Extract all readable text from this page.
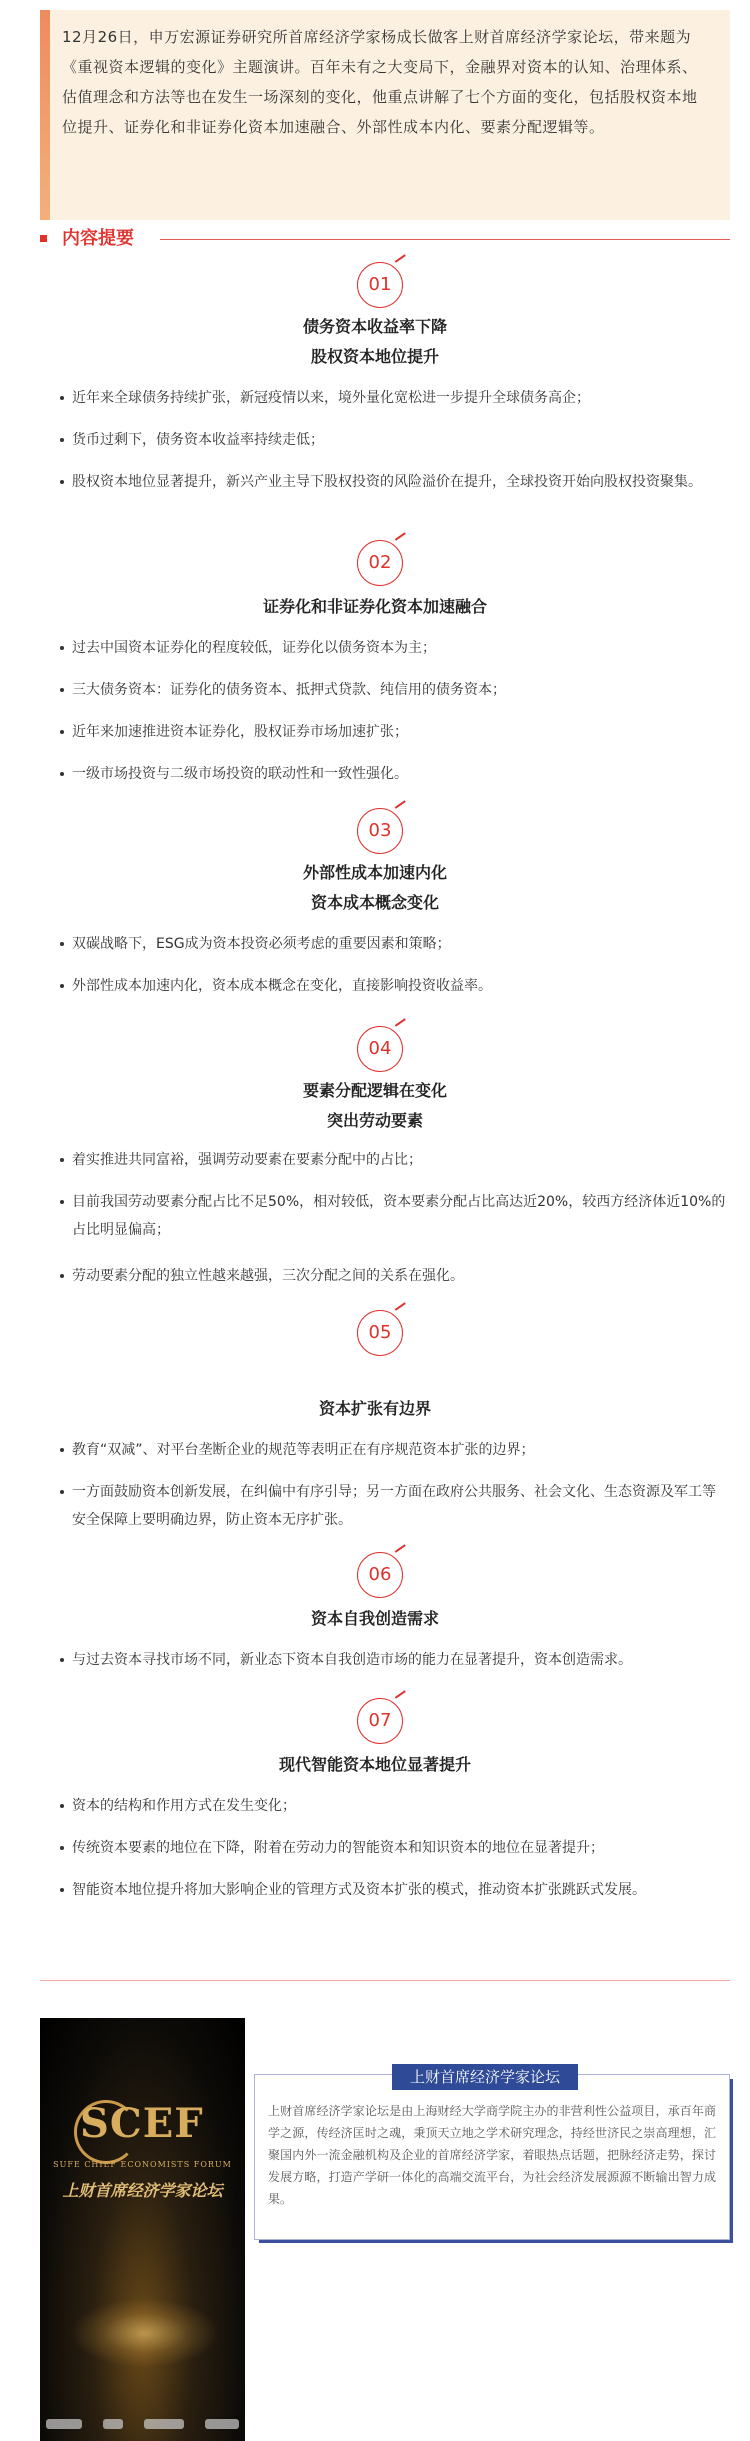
12月26日，申万宏源证券研究所首席经济学家杨成长做客上财首席经济学家论坛，带来题为《重视资本逻辑的变化》主题演讲。百年未有之大变局下，金融界对资本的认知、治理体系、估值理念和方法等也在发生一场深刻的变化，他重点讲解了七个方面的变化，包括股权资本地位提升、证券化和非证券化资本加速融合、外部性成本内化、要素分配逻辑等。
内容提要
01
债务资本收益率下降
股权资本地位提升
近年来全球债务持续扩张，新冠疫情以来，境外量化宽松进一步提升全球债务高企；
货币过剩下，债务资本收益率持续走低；
股权资本地位显著提升，新兴产业主导下股权投资的风险溢价在提升，全球投资开始向股权投资聚集。
02
证券化和非证券化资本加速融合
过去中国资本证券化的程度较低，证券化以债务资本为主；
三大债务资本：证券化的债务资本、抵押式贷款、纯信用的债务资本；
近年来加速推进资本证券化，股权证券市场加速扩张；
一级市场投资与二级市场投资的联动性和一致性强化。
03
外部性成本加速内化
资本成本概念变化
双碳战略下，ESG成为资本投资必须考虑的重要因素和策略；
外部性成本加速内化，资本成本概念在变化，直接影响投资收益率。
04
要素分配逻辑在变化
突出劳动要素
着实推进共同富裕，强调劳动要素在要素分配中的占比；
目前我国劳动要素分配占比不足50%，相对较低，资本要素分配占比高达近20%，较西方经济体近10%的占比明显偏高；
劳动要素分配的独立性越来越强，三次分配之间的关系在强化。
05
资本扩张有边界
教育“双减”、对平台垄断企业的规范等表明正在有序规范资本扩张的边界；
一方面鼓励资本创新发展，在纠偏中有序引导；另一方面在政府公共服务、社会文化、生态资源及军工等安全保障上要明确边界，防止资本无序扩张。
06
资本自我创造需求
与过去资本寻找市场不同，新业态下资本自我创造市场的能力在显著提升，资本创造需求。
07
现代智能资本地位显著提升
资本的结构和作用方式在发生变化；
传统资本要素的地位在下降，附着在劳动力的智能资本和知识资本的地位在显著提升；
智能资本地位提升将加大影响企业的管理方式及资本扩张的模式，推动资本扩张跳跃式发展。
SCEF
SUFE CHIEF ECONOMISTS FORUM
上财首席经济学家论坛
上财首席经济学家论坛
上财首席经济学家论坛是由上海财经大学商学院主办的非营利性公益项目，承百年商学之源，传经济匡时之魂，秉顶天立地之学术研究理念，持经世济民之崇高理想，汇聚国内外一流金融机构及企业的首席经济学家，着眼热点话题，把脉经济走势，探讨发展方略，打造产学研一体化的高端交流平台，为社会经济发展源源不断输出智力成果。
